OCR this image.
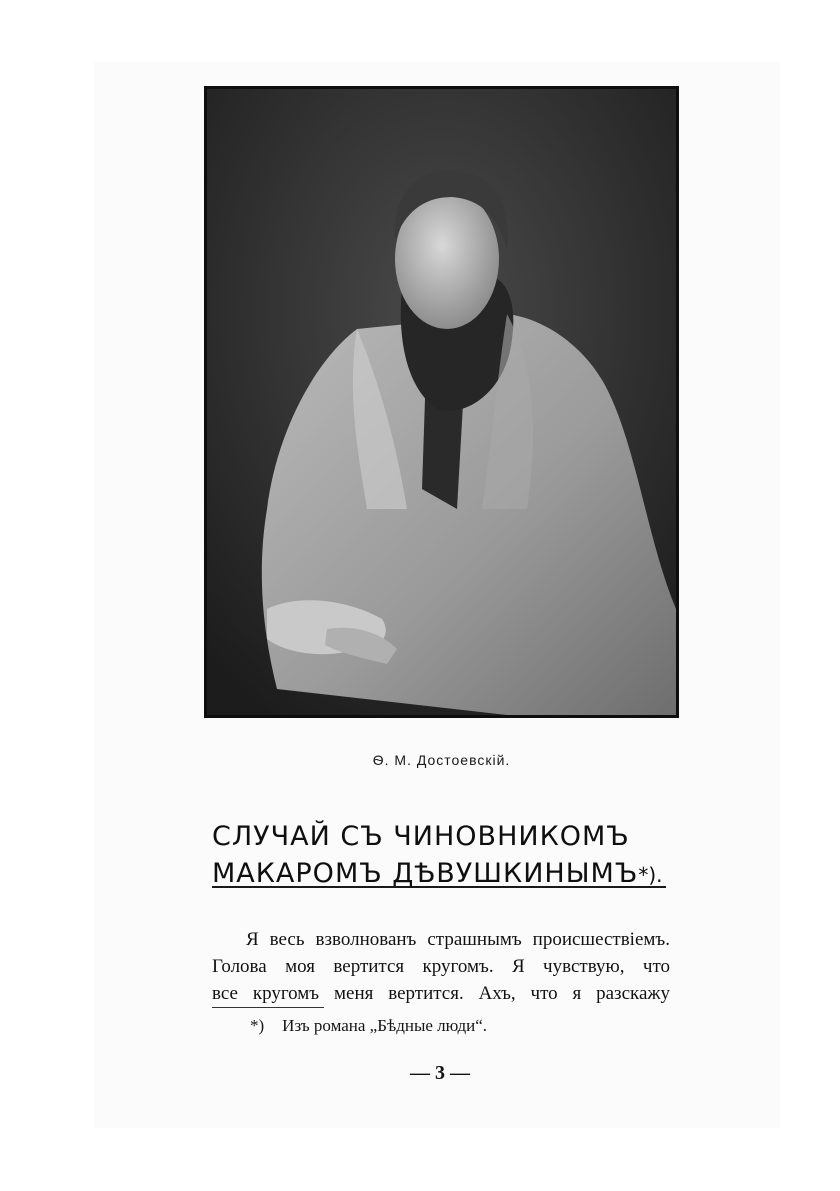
Ѳ. М. Достоевскій.
СЛУЧАЙ СЪ ЧИНОВНИКОМЪ
МАКАРОМЪ ДѢВУШКИНЫМЪ*).
Я весь взволнованъ страшнымъ происшествіемъ.
Голова моя вертится кругомъ. Я чувствую, что
все кругомъ меня вертится. Ахъ, что я разскажу
*) Изъ романа „Бѣдные люди“.
— 3 —
